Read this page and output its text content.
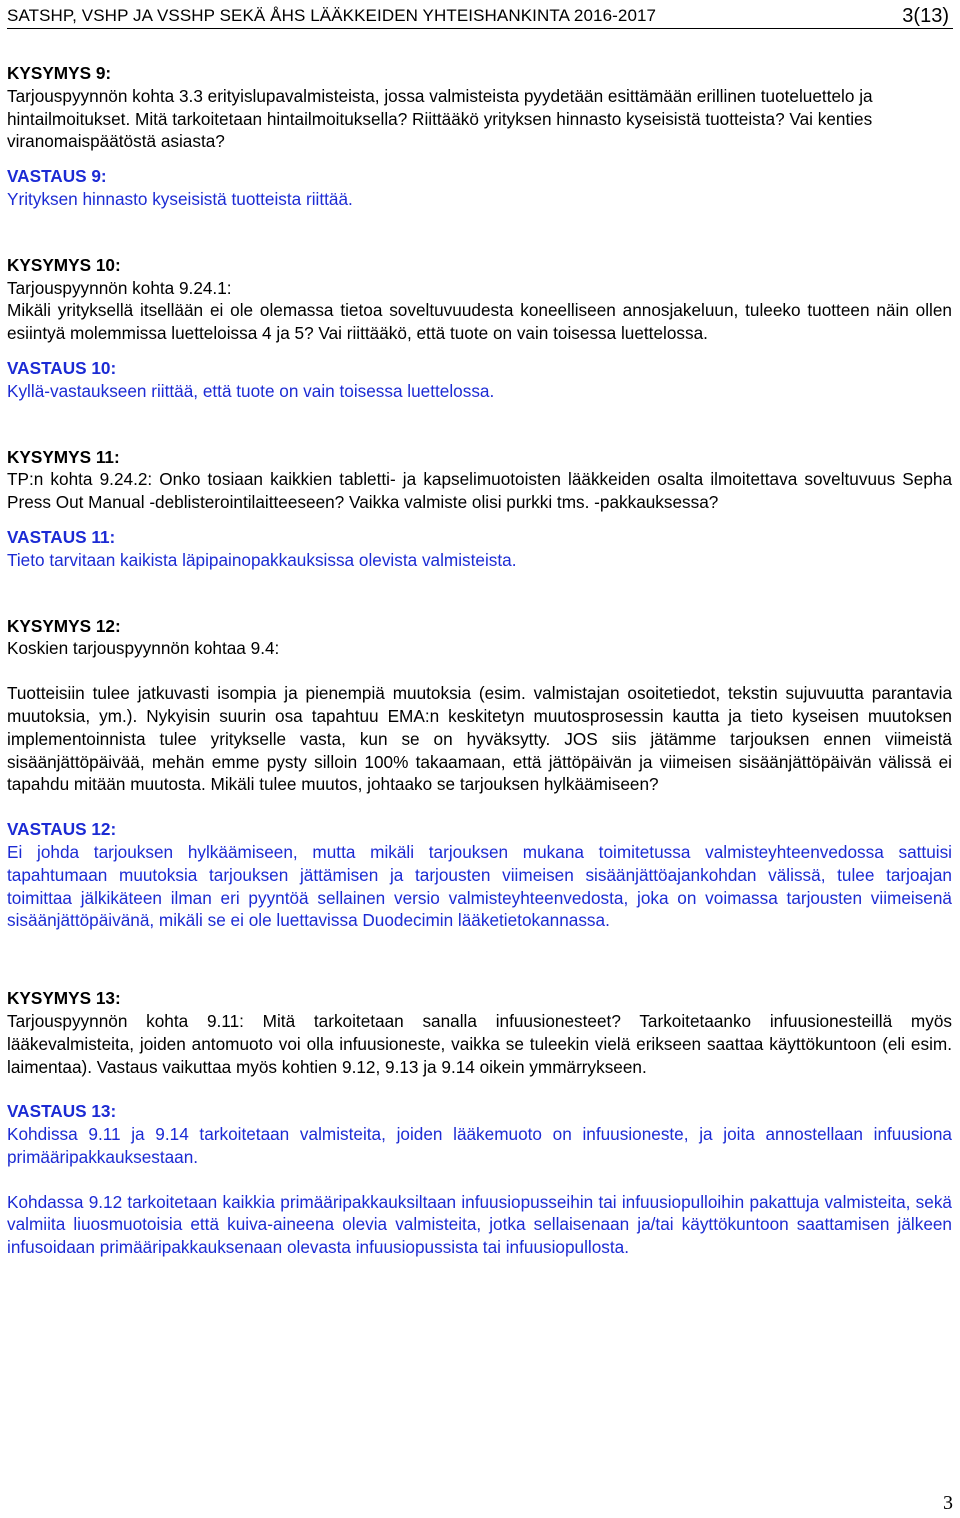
SATSHP, VSHP JA VSSHP SEKÄ ÅHS LÄÄKKEIDEN YHTEISHANKINTA 2016-2017	3(13)

KYSYMYS 9:

Tarjouspyynnön kohta 3.3 erityislupavalmisteista, jossa valmisteista pyydetään esittämään erillinen tuoteluettelo ja hintailmoitukset. Mitä tarkoitetaan hintailmoituksella? Riittääkö yrityksen hinnasto kyseisistä tuotteista? Vai kenties viranomaispäätöstä asiasta?

VASTAUS 9:

Yrityksen hinnasto kyseisistä tuotteista riittää.

KYSYMYS 10:

Tarjouspyynnön kohta 9.24.1:

Mikäli yrityksellä itsellään ei ole olemassa tietoa soveltuvuudesta koneelliseen annosjakeluun, tuleeko tuotteen näin ollen esiintyä molemmissa luetteloissa 4 ja 5? Vai riittääkö, että tuote on vain toisessa luettelossa.

VASTAUS 10:

Kyllä-vastaukseen riittää, että tuote on vain toisessa luettelossa.

KYSYMYS 11:

TP:n kohta 9.24.2: Onko tosiaan kaikkien tabletti- ja kapselimuotoisten lääkkeiden osalta ilmoitettava soveltuvuus Sepha Press Out Manual -deblisterointilaitteeseen? Vaikka valmiste olisi purkki tms. -pakkauksessa?

VASTAUS 11:

Tieto tarvitaan kaikista läpipainopakkauksissa olevista valmisteista.

KYSYMYS 12:

Koskien tarjouspyynnön kohtaa 9.4:

Tuotteisiin tulee jatkuvasti isompia ja pienempiä muutoksia (esim. valmistajan osoitetiedot, tekstin sujuvuutta parantavia muutoksia, ym.). Nykyisin suurin osa tapahtuu EMA:n keskitetyn muutosprosessin kautta ja tieto kyseisen muutoksen implementoinnista tulee yritykselle vasta, kun se on hyväksytty. JOS siis jätämme tarjouksen ennen viimeistä sisäänjättöpäivää, mehän emme pysty silloin 100% takaamaan, että jättöpäivän ja viimeisen sisäänjättöpäivän välissä ei tapahdu mitään muutosta. Mikäli tulee muutos, johtaako se tarjouksen hylkäämiseen?

VASTAUS 12:

Ei johda tarjouksen hylkäämiseen, mutta mikäli tarjouksen mukana toimitetussa valmisteyhteenvedossa sattuisi tapahtumaan muutoksia tarjouksen jättämisen ja tarjousten viimeisen sisäänjättöajankohdan välissä, tulee tarjoajan toimittaa jälkikäteen ilman eri pyyntöä sellainen versio valmisteyhteenvedosta, joka on voimassa tarjousten viimeisenä sisäänjättöpäivänä, mikäli se ei ole luettavissa Duodecimin lääketietokannassa.

KYSYMYS 13:

Tarjouspyynnön kohta 9.11: Mitä tarkoitetaan sanalla infuusionesteet? Tarkoitetaanko infuusionesteillä myös lääkevalmisteita, joiden antomuoto voi olla infuusioneste, vaikka se tuleekin vielä erikseen saattaa käyttökuntoon (eli esim. laimentaa). Vastaus vaikuttaa myös kohtien 9.12, 9.13 ja 9.14 oikein ymmärrykseen.

VASTAUS 13:

Kohdissa 9.11 ja 9.14 tarkoitetaan valmisteita, joiden lääkemuoto on infuusioneste, ja joita annostellaan infuusiona primääripakkauksestaan.

Kohdassa 9.12 tarkoitetaan kaikkia primääripakkauksiltaan infuusiopusseihin tai infuusiopulloihin pakattuja valmisteita, sekä valmiita liuosmuotoisia että kuiva-aineena olevia valmisteita, jotka sellaisenaan ja/tai käyttökuntoon saattamisen jälkeen infusoidaan primääripakkauksenaan olevasta infuusiopussista tai infuusiopullosta.

3
